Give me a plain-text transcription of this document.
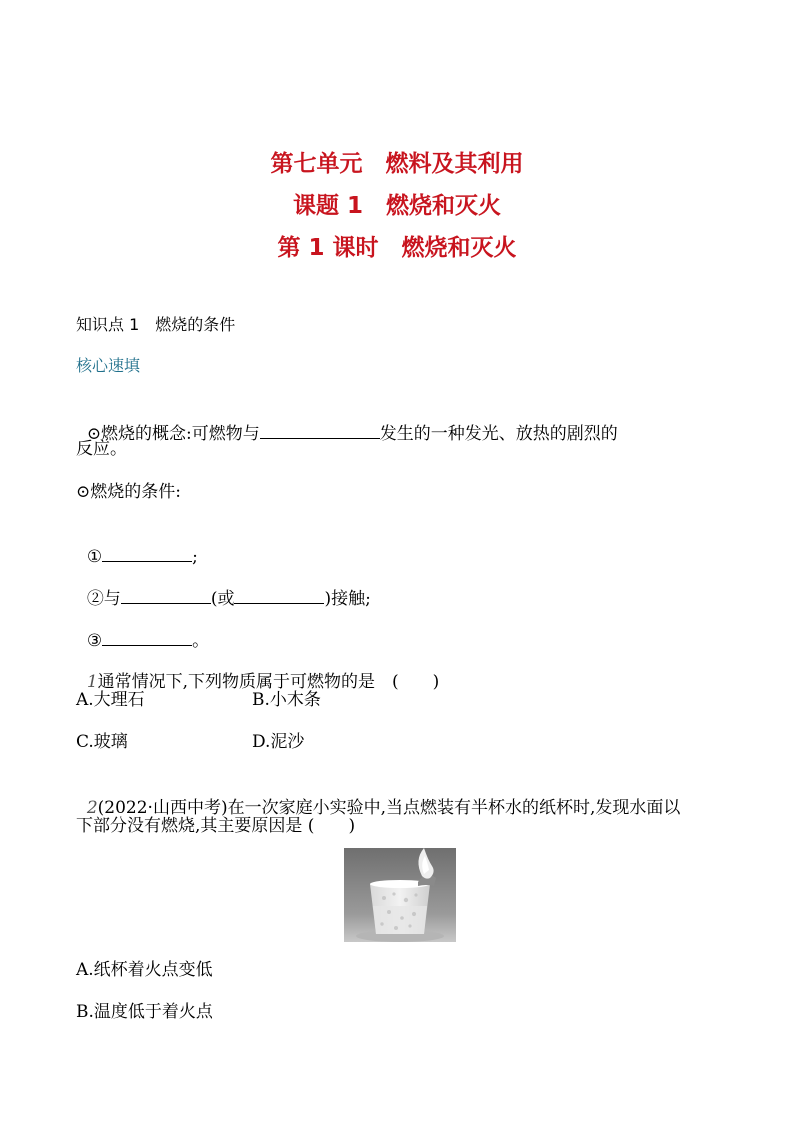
第七单元　燃料及其利用
课题 1　燃烧和灭火
第 1 课时　燃烧和灭火
知识点 1　燃烧的条件
核心速填

⊙燃烧的概念:可燃物与	发生的一种发光、放热的剧烈的

反应。
⊙燃烧的条件:

①	;

②与	(或	)接触;

③	。

1通常情况下,下列物质属于可燃物的是　(　　)

A.大理石	B.小木条
C.玻璃	D.泥沙

2(2022·山西中考)在一次家庭小实验中,当点燃装有半杯水的纸杯时,发现水面以

下部分没有燃烧,其主要原因是 (　　)
A.纸杯着火点变低
B.温度低于着火点
